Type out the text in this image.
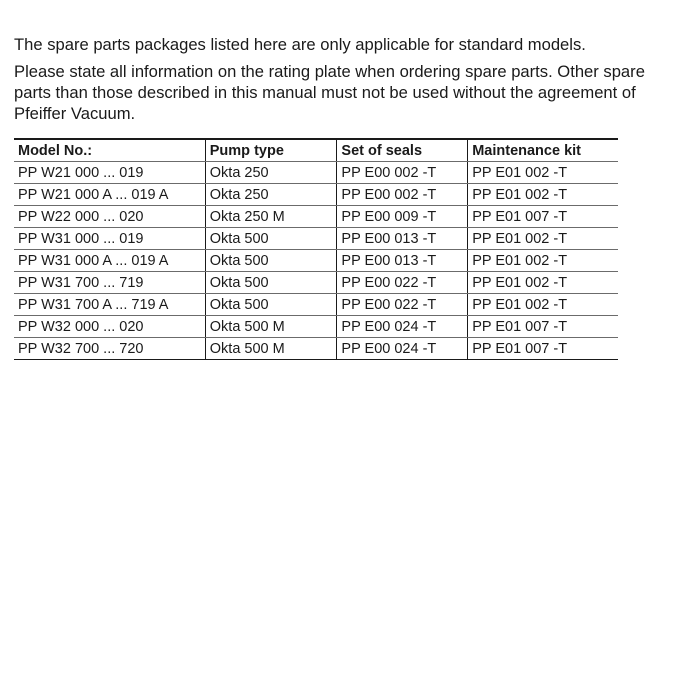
The spare parts packages listed here are only applicable for standard models.

Please state all information on the rating plate when ordering spare parts. Other spare

parts than those described in this manual must not be used without the agreement of

Pfeiffer Vacuum.

Model No.:	Pump type	Set of seals	Maintenance kit
PP W21 000 ... 019	Okta 250	PP E00 002 -T	PP E01 002 -T
PP W21 000 A ... 019 A	Okta 250	PP E00 002 -T	PP E01 002 -T
PP W22 000 ... 020	Okta 250 M	PP E00 009 -T	PP E01 007 -T
PP W31 000 ... 019	Okta 500	PP E00 013 -T	PP E01 002 -T
PP W31 000 A ... 019 A	Okta 500	PP E00 013 -T	PP E01 002 -T
PP W31 700 ... 719	Okta 500	PP E00 022 -T	PP E01 002 -T
PP W31 700 A ... 719 A	Okta 500	PP E00 022 -T	PP E01 002 -T
PP W32 000 ... 020	Okta 500 M	PP E00 024 -T	PP E01 007 -T
PP W32 700 ... 720	Okta 500 M	PP E00 024 -T	PP E01 007 -T
